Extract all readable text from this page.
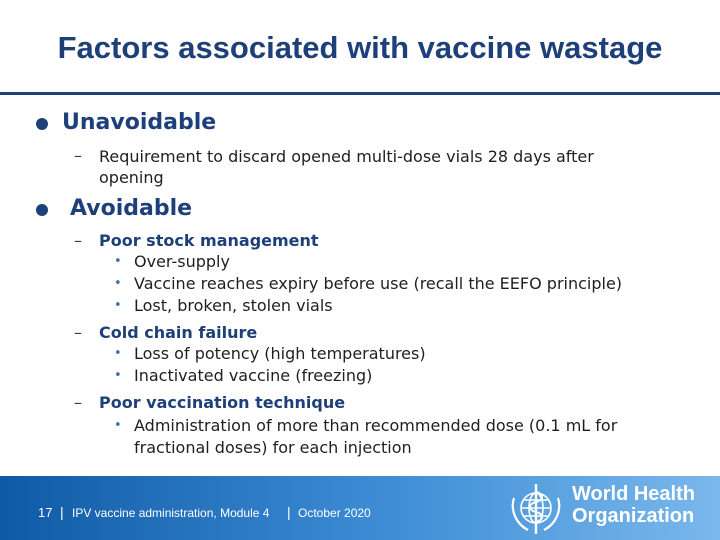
Factors associated with vaccine wastage
Unavoidable
– Requirement to discard opened multi-dose vials 28 days after opening
Avoidable
– Poor stock management
• Over-supply
• Vaccine reaches expiry before use (recall the EEFO principle)
• Lost, broken, stolen vials
– Cold chain failure
• Loss of potency (high temperatures)
• Inactivated vaccine (freezing)
– Poor vaccination technique
• Administration of more than recommended dose (0.1 mL for fractional doses) for each injection
17 | IPV vaccine administration, Module 4 | October 2020
World Health
Organization
